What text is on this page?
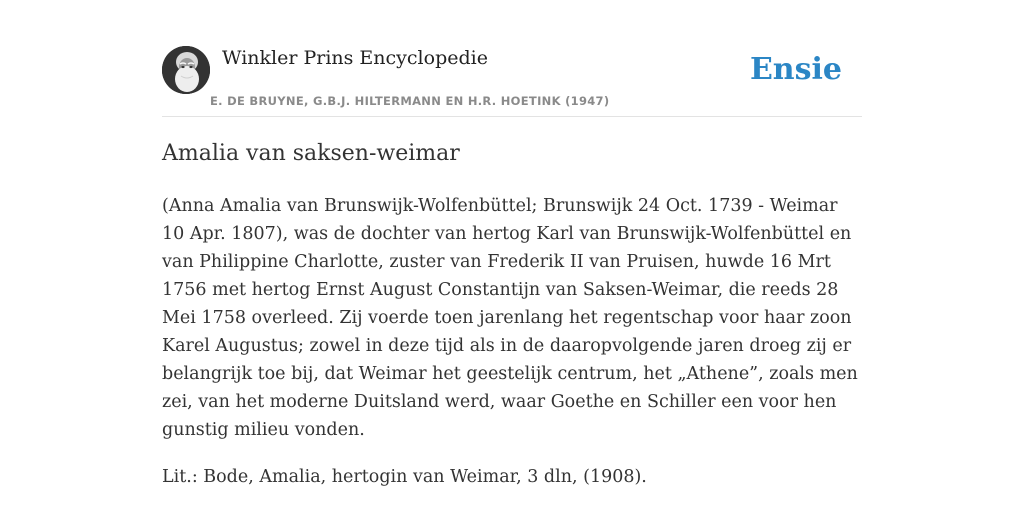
Winkler Prins Encyclopedie
E. DE BRUYNE, G.B.J. HILTERMANN EN H.R. HOETINK (1947)
Ensie
Amalia van saksen-weimar

(Anna Amalia van Brunswijk-Wolfenbüttel; Brunswijk 24 Oct. 1739 - Weimar 10 Apr. 1807), was de dochter van hertog Karl van Brunswijk-Wolfenbüttel en van Philippine Charlotte, zuster van Frederik II van Pruisen, huwde 16 Mrt 1756 met hertog Ernst August Constantijn van Saksen-Weimar, die reeds 28 Mei 1758 overleed. Zij voerde toen jarenlang het regentschap voor haar zoon Karel Augustus; zowel in deze tijd als in de daaropvolgende jaren droeg zij er belangrijk toe bij, dat Weimar het geestelijk centrum, het „Athene”, zoals men zei, van het moderne Duitsland werd, waar Goethe en Schiller een voor hen gunstig milieu vonden.

Lit.: Bode, Amalia, hertogin van Weimar, 3 dln, (1908).
